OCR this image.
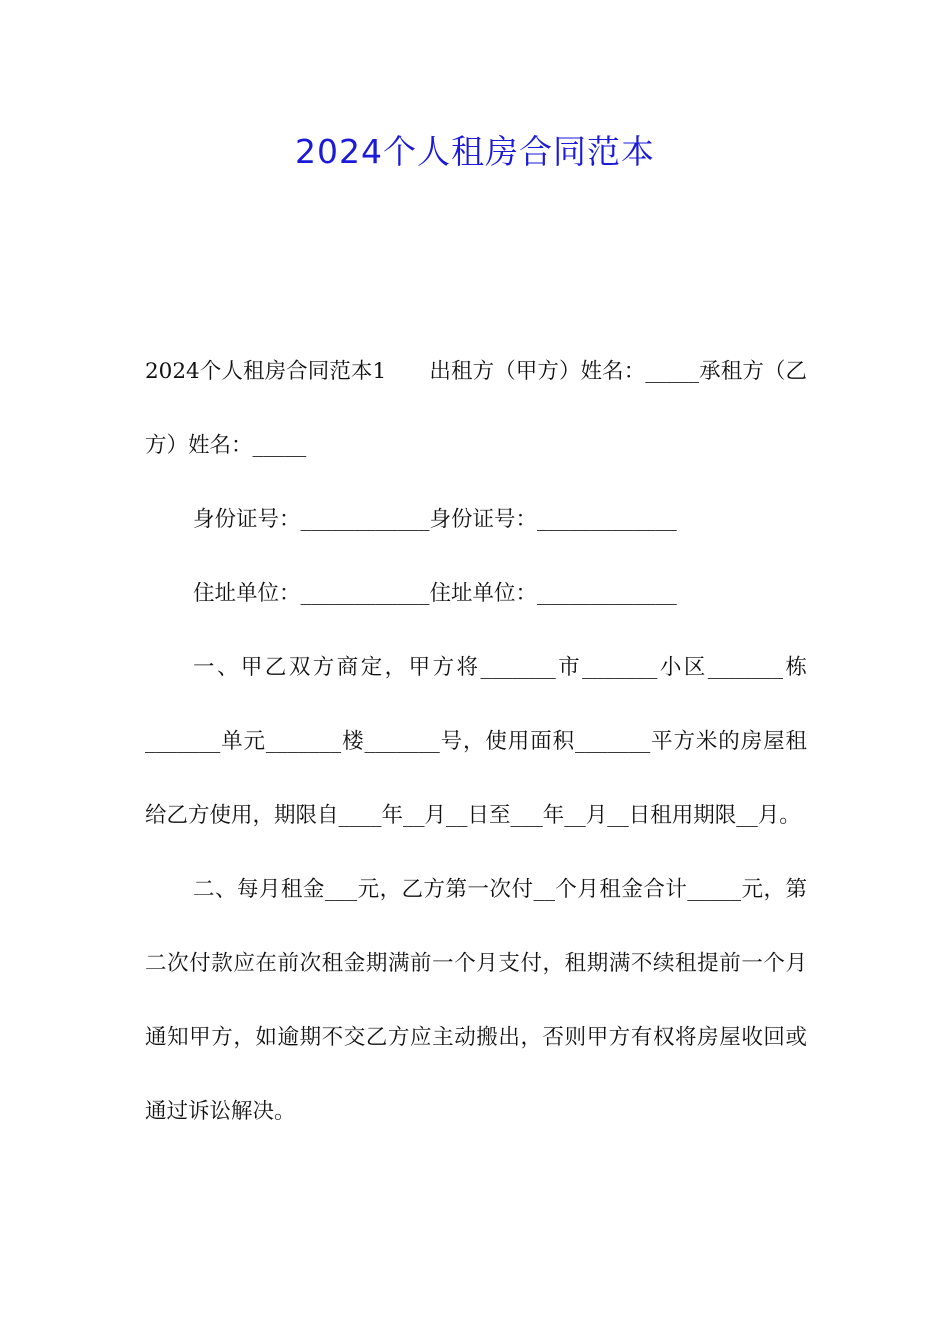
2024个人租房合同范本

2024个人租房合同范本1　　出租方（甲方）姓名：_____承租方（乙方）姓名：_____

身份证号：____________身份证号：_____________

住址单位：____________住址单位：_____________

一、甲乙双方商定，甲方将_______市_______小区_______栋_______单元_______楼_______号，使用面积_______平方米的房屋租给乙方使用，期限自____年__月__日至___年__月__日租用期限__月。

二、每月租金___元，乙方第一次付__个月租金合计_____元，第二次付款应在前次租金期满前一个月支付，租期满不续租提前一个月通知甲方，如逾期不交乙方应主动搬出，否则甲方有权将房屋收回或通过诉讼解决。
